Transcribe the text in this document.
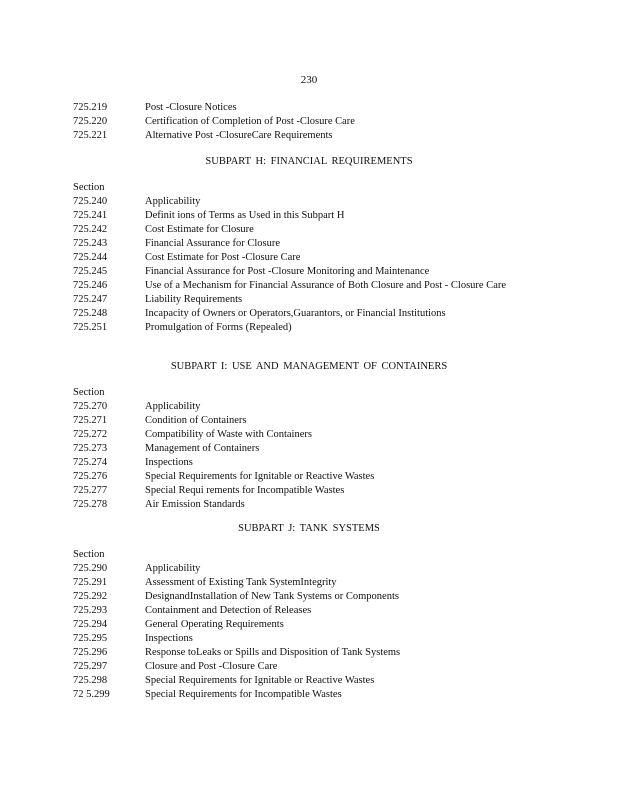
230
725.219	Post -Closure Notices
725.220	Certification of Completion of Post -Closure Care
725.221	Alternative Post -ClosureCare Requirements
SUBPART H: FINANCIAL REQUIREMENTS
Section
725.240	Applicability
725.241	Definit ions of Terms as Used in this Subpart H
725.242	Cost Estimate for Closure
725.243	Financial Assurance for Closure
725.244	Cost Estimate for Post -Closure Care
725.245	Financial Assurance for Post -Closure Monitoring and Maintenance
725.246	Use of a Mechanism for Financial Assurance of Both Closure and Post - Closure Care
725.247	Liability Requirements
725.248	Incapacity of Owners or Operators,Guarantors, or Financial Institutions
725.251	Promulgation of Forms (Repealed)
SUBPART I: USE AND MANAGEMENT OF CONTAINERS
Section
725.270	Applicability
725.271	Condition of Containers
725.272	Compatibility of Waste with Containers
725.273	Management of Containers
725.274	Inspections
725.276	Special Requirements for Ignitable or Reactive Wastes
725.277	Special Requi rements for Incompatible Wastes
725.278	Air Emission Standards
SUBPART J: TANK SYSTEMS
Section
725.290	Applicability
725.291	Assessment of Existing Tank SystemIntegrity
725.292	DesignandInstallation of New Tank Systems or Components
725.293	Containment and Detection of Releases
725.294	General Operating Requirements
725.295	Inspections
725.296	Response toLeaks or Spills and Disposition of Tank Systems
725.297	Closure and Post -Closure Care
725.298	Special Requirements for Ignitable or Reactive Wastes
72 5.299	Special Requirements for Incompatible Wastes
